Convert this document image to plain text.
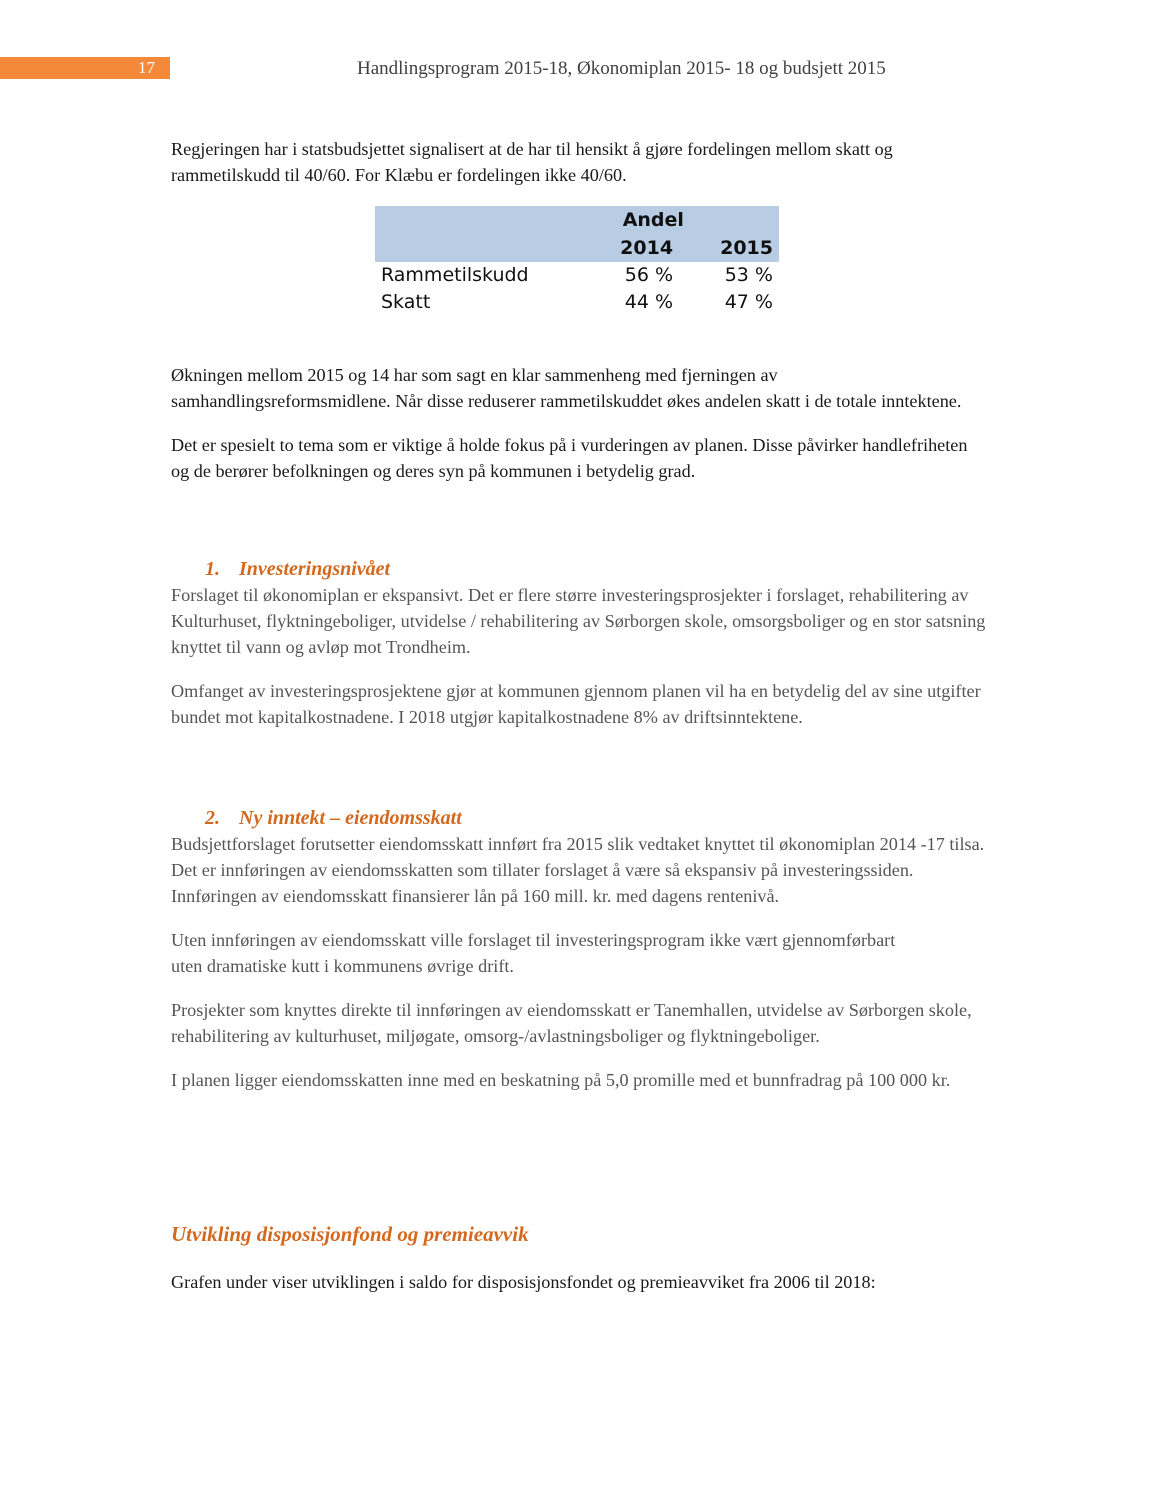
17	Handlingsprogram 2015-18, Økonomiplan 2015- 18 og budsjett 2015

Regjeringen har i statsbudsjettet signalisert at de har til hensikt å gjøre fordelingen mellom skatt og rammetilskudd til 40/60. For Klæbu er fordelingen ikke 40/60.

	Andel	
	2014	2015
Rammetilskudd	56 %	53 %
Skatt	44 %	47 %

Økningen mellom 2015 og 14 har som sagt en klar sammenheng med fjerningen av samhandlingsreformsmidlene. Når disse reduserer rammetilskuddet økes andelen skatt i de totale inntektene.

Det er spesielt to tema som er viktige å holde fokus på i vurderingen av planen. Disse påvirker handlefriheten og de berører befolkningen og deres syn på kommunen i betydelig grad.

1. Investeringsnivået

Forslaget til økonomiplan er ekspansivt. Det er flere større investeringsprosjekter i forslaget, rehabilitering av Kulturhuset, flyktningeboliger, utvidelse / rehabilitering av Sørborgen skole, omsorgsboliger og en stor satsning knyttet til vann og avløp mot Trondheim.

Omfanget av investeringsprosjektene gjør at kommunen gjennom planen vil ha en betydelig del av sine utgifter bundet mot kapitalkostnadene. I 2018 utgjør kapitalkostnadene 8% av driftsinntektene.

2. Ny inntekt – eiendomsskatt

Budsjettforslaget forutsetter eiendomsskatt innført fra 2015 slik vedtaket knyttet til økonomiplan 2014 -17 tilsa. Det er innføringen av eiendomsskatten som tillater forslaget å være så ekspansiv på investeringssiden. Innføringen av eiendomsskatt finansierer lån på 160 mill. kr. med dagens rentenivå.

Uten innføringen av eiendomsskatt ville forslaget til investeringsprogram ikke vært gjennomførbart uten dramatiske kutt i kommunens øvrige drift.

Prosjekter som knyttes direkte til innføringen av eiendomsskatt er Tanemhallen, utvidelse av Sørborgen skole, rehabilitering av kulturhuset, miljøgate, omsorg-/avlastningsboliger og flyktningeboliger.

I planen ligger eiendomsskatten inne med en beskatning på 5,0 promille med et bunnfradrag på 100 000 kr.

Utvikling disposisjonfond og premieavvik

Grafen under viser utviklingen i saldo for disposisjonsfondet og premieavviket fra 2006 til 2018:
